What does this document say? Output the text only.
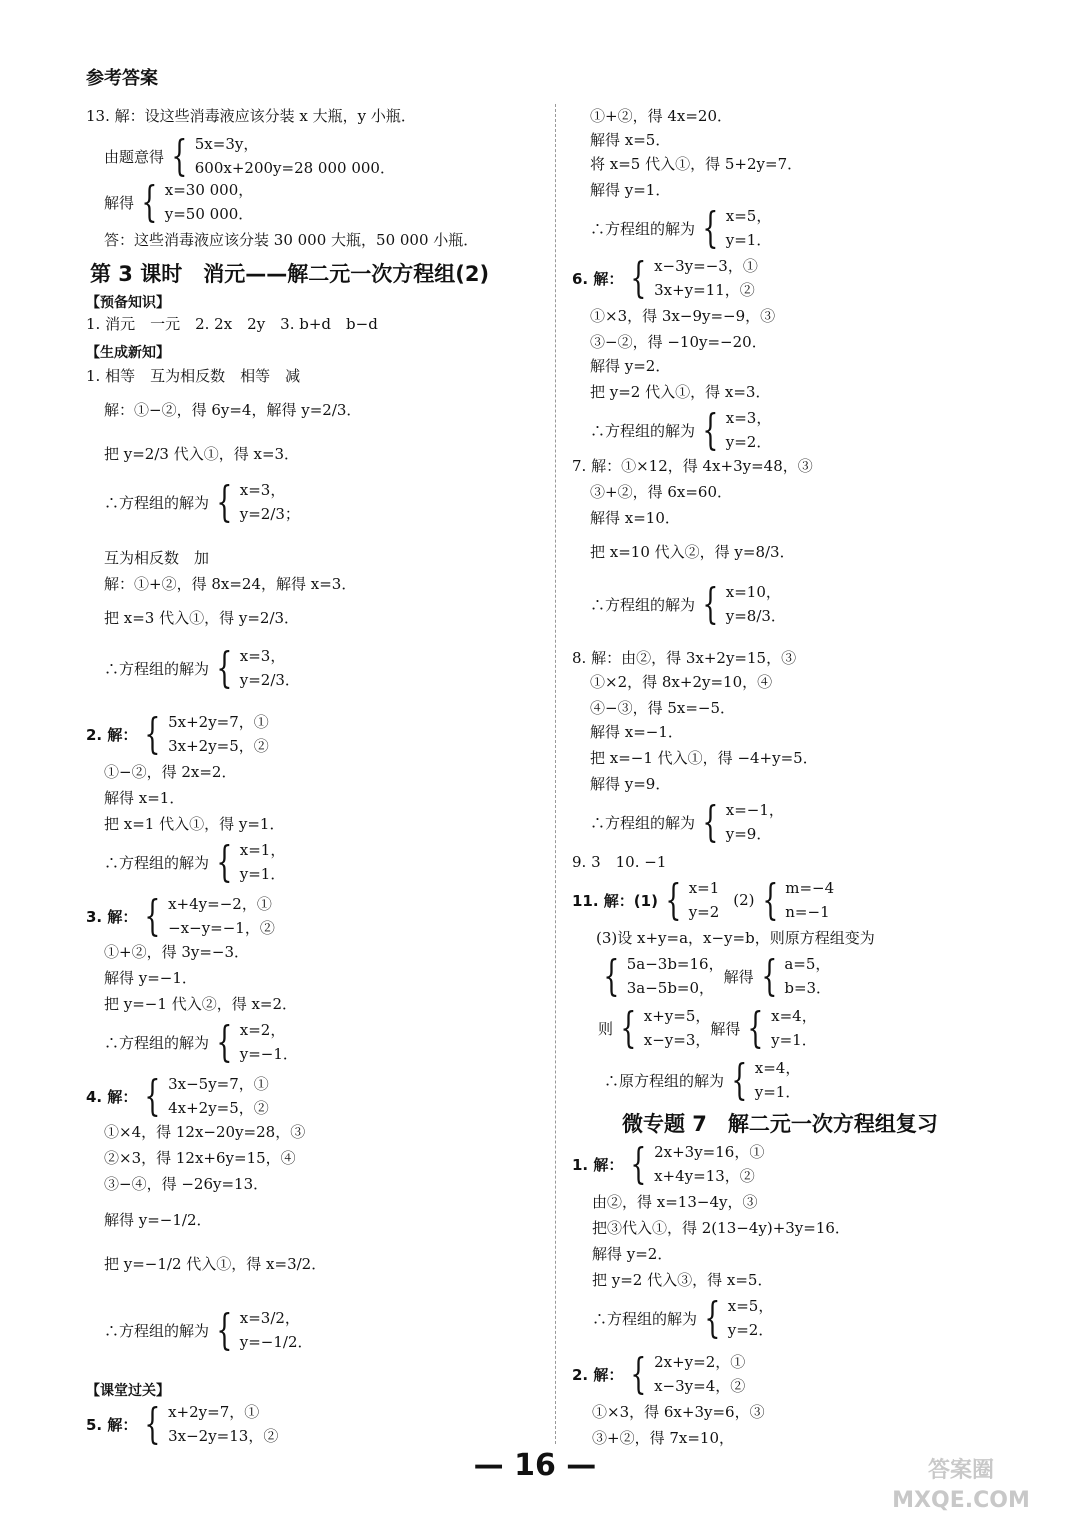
参考答案
13. 解：设这些消毒液应该分装 x 大瓶，y 小瓶．
由题意得 { 5x=3y，
600x+200y=28 000 000．
解得 { x=30 000，
y=50 000．
答：这些消毒液应该分装 30 000 大瓶，50 000 小瓶．
第 3 课时　消元——解二元一次方程组(2)
【预备知识】
1. 消元　一元　2. 2x　2y　3. b+d　b−d
【生成新知】
1. 相等　互为相反数　相等　减
解：①−②，得 6y=4，解得 y=2/3．
把 y=2/3 代入①，得 x=3．
∴方程组的解为 { x=3，
y=2/3；
互为相反数　加
解：①+②，得 8x=24，解得 x=3．
把 x=3 代入①，得 y=2/3．
∴方程组的解为 { x=3，
y=2/3．
2. 解： { 5x+2y=7，①
3x+2y=5，②
①−②，得 2x=2．
解得 x=1．
把 x=1 代入①，得 y=1．
∴方程组的解为 { x=1，
y=1．
3. 解： { x+4y=−2，①
−x−y=−1，②
①+②，得 3y=−3．
解得 y=−1．
把 y=−1 代入②，得 x=2．
∴方程组的解为 { x=2，
y=−1．
4. 解： { 3x−5y=7，①
4x+2y=5，②
①×4，得 12x−20y=28，③
②×3，得 12x+6y=15，④
③−④，得 −26y=13．
解得 y=−1/2．
把 y=−1/2 代入①，得 x=3/2．
∴方程组的解为 { x=3/2，
y=−1/2．
【课堂过关】
5. 解： { x+2y=7，①
3x−2y=13，②
①+②，得 4x=20．
解得 x=5．
将 x=5 代入①，得 5+2y=7．
解得 y=1．
∴方程组的解为 { x=5，
y=1．
6. 解： { x−3y=−3，①
3x+y=11，②
①×3，得 3x−9y=−9，③
③−②，得 −10y=−20．
解得 y=2．
把 y=2 代入①，得 x=3．
∴方程组的解为 { x=3，
y=2．
7. 解：①×12，得 4x+3y=48，③
③+②，得 6x=60．
解得 x=10．
把 x=10 代入②，得 y=8/3．
∴方程组的解为 { x=10，
y=8/3．
8. 解：由②，得 3x+2y=15，③
①×2，得 8x+2y=10，④
④−③，得 5x=−5．
解得 x=−1．
把 x=−1 代入①，得 −4+y=5．
解得 y=9．
∴方程组的解为 { x=−1，
y=9．
9. 3　10. −1
11. 解：(1) { x=1
y=2
(2) { m=−4
n=−1
(3)设 x+y=a，x−y=b，则原方程组变为
{ 5a−3b=16，
3a−5b=0，
解得 { a=5，
b=3．
则 { x+y=5，
x−y=3，
解得 { x=4，
y=1．
∴原方程组的解为 { x=4，
y=1．
微专题 7　解二元一次方程组复习
1. 解： { 2x+3y=16，①
x+4y=13，②
由②，得 x=13−4y，③
把③代入①，得 2(13−4y)+3y=16．
解得 y=2．
把 y=2 代入③，得 x=5．
∴方程组的解为 { x=5，
y=2．
2. 解： { 2x+y=2，①
x−3y=4，②
①×3，得 6x+3y=6，③
③+②，得 7x=10，
— 16 —	答案圈 MXQE.COM
